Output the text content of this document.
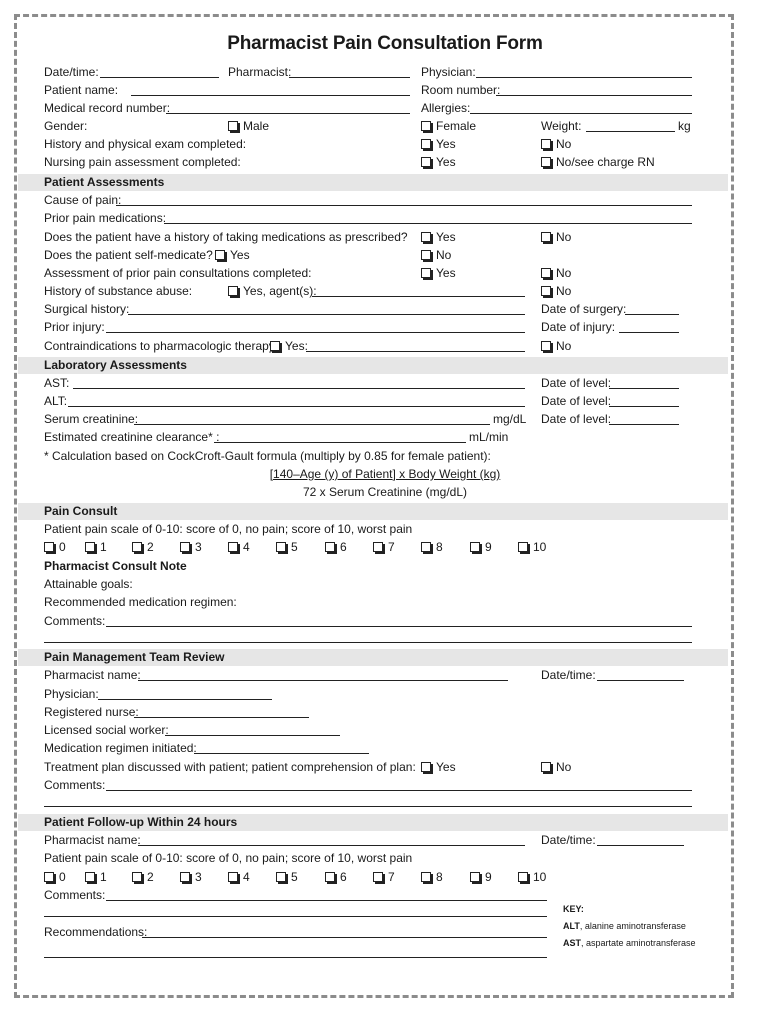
Pharmacist Pain Consultation Form
Date/time:	Pharmacist:	Physician:
Patient name:	Room number:
Medical record number:	Allergies:
Gender:	Male	Female	Weight:	kg
History and physical exam completed:	Yes	No
Nursing pain assessment completed:	Yes	No/see charge RN
Patient Assessments
Cause of pain:
Prior pain medications:
Does the patient have a history of taking medications as prescribed?	Yes	No
Does the patient self-medicate?	Yes	No
Assessment of prior pain consultations completed:	Yes	No
History of substance abuse:	Yes, agent(s):	No
Surgical history:	Date of surgery:
Prior injury:	Date of injury:
Contraindications to pharmacologic therapy: Yes:	No
Laboratory Assessments
AST:	Date of level:
ALT:	Date of level:
Serum creatinine:	mg/dL Date of level:
Estimated creatinine clearance* :	mL/min
* Calculation based on CockCroft-Gault formula (multiply by 0.85 for female patient):
[140–Age (y) of Patient] x Body Weight (kg)
72 x Serum Creatinine (mg/dL)
Pain Consult
Patient pain scale of 0-10: score of 0, no pain; score of 10, worst pain
0	1	2	3	4	5	6	7	8	9	10
Pharmacist Consult Note
Attainable goals:
Recommended medication regimen:
Comments:
Pain Management Team Review
Pharmacist name:	Date/time:
Physician:
Registered nurse:
Licensed social worker:
Medication regimen initiated:
Treatment plan discussed with patient; patient comprehension of plan:	Yes	No
Comments:
Patient Follow-up Within 24 hours
Pharmacist name:	Date/time:
Patient pain scale of 0-10: score of 0, no pain; score of 10, worst pain
0	1	2	3	4	5	6	7	8	9	10
Comments:
Recommendations:
KEY:
ALT, alanine aminotransferase
AST, aspartate aminotransferase
